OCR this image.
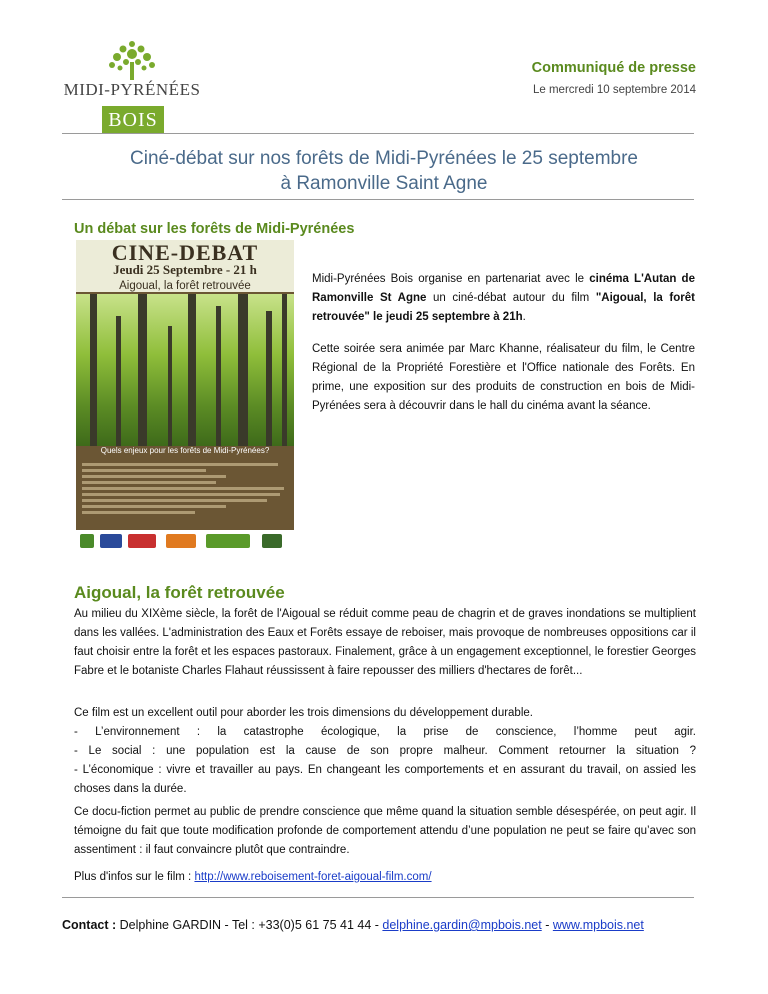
MIDI-PYRÉNÉES
BOIS
Communiqué de presse
Le mercredi 10 septembre 2014
Ciné-débat sur nos forêts de Midi-Pyrénées le 25 septembre
à Ramonville Saint Agne
Un débat sur les forêts de Midi-Pyrénées
CINE-DEBAT
Jeudi 25 Septembre - 21 h
Aigoual, la forêt retrouvée
Quels enjeux pour les forêts de Midi-Pyrénées?
Midi-Pyrénées Bois organise en partenariat avec le cinéma L'Autan de Ramonville St Agne un ciné-débat autour du film "Aigoual, la forêt retrouvée" le jeudi 25 septembre à 21h.
Cette soirée sera animée par Marc Khanne, réalisateur du film, le Centre Régional de la Propriété Forestière et l'Office nationale des Forêts. En prime, une exposition sur des produits de construction en bois de Midi-Pyrénées sera à découvrir dans le hall du cinéma avant la séance.
Aigoual, la forêt retrouvée
Au milieu du XIXème siècle, la forêt de l'Aigoual se réduit comme peau de chagrin et de graves inondations se multiplient dans les vallées. L'administration des Eaux et Forêts essaye de reboiser, mais provoque de nombreuses oppositions car il faut choisir entre la forêt et les espaces pastoraux. Finalement, grâce à un engagement exceptionnel, le forestier Georges Fabre et le botaniste Charles Flahaut réussissent à faire repousser des milliers d'hectares de forêt...
Ce film est un excellent outil pour aborder les trois dimensions du développement durable.
- L’environnement : la catastrophe écologique, la prise de conscience, l’homme peut agir.
- Le social : une population est la cause de son propre malheur. Comment retourner la situation ?
- L’économique : vivre et travailler au pays. En changeant les comportements et en assurant du travail, on assied les choses dans la durée.
Ce docu-fiction permet au public de prendre conscience que même quand la situation semble désespérée, on peut agir. Il témoigne du fait que toute modification profonde de comportement attendu d’une population ne peut se faire qu’avec son assentiment : il faut convaincre plutôt que contraindre.
Plus d'infos sur le film : http://www.reboisement-foret-aigoual-film.com/
Contact : Delphine GARDIN - Tel : +33(0)5 61 75 41 44 - delphine.gardin@mpbois.net - www.mpbois.net
